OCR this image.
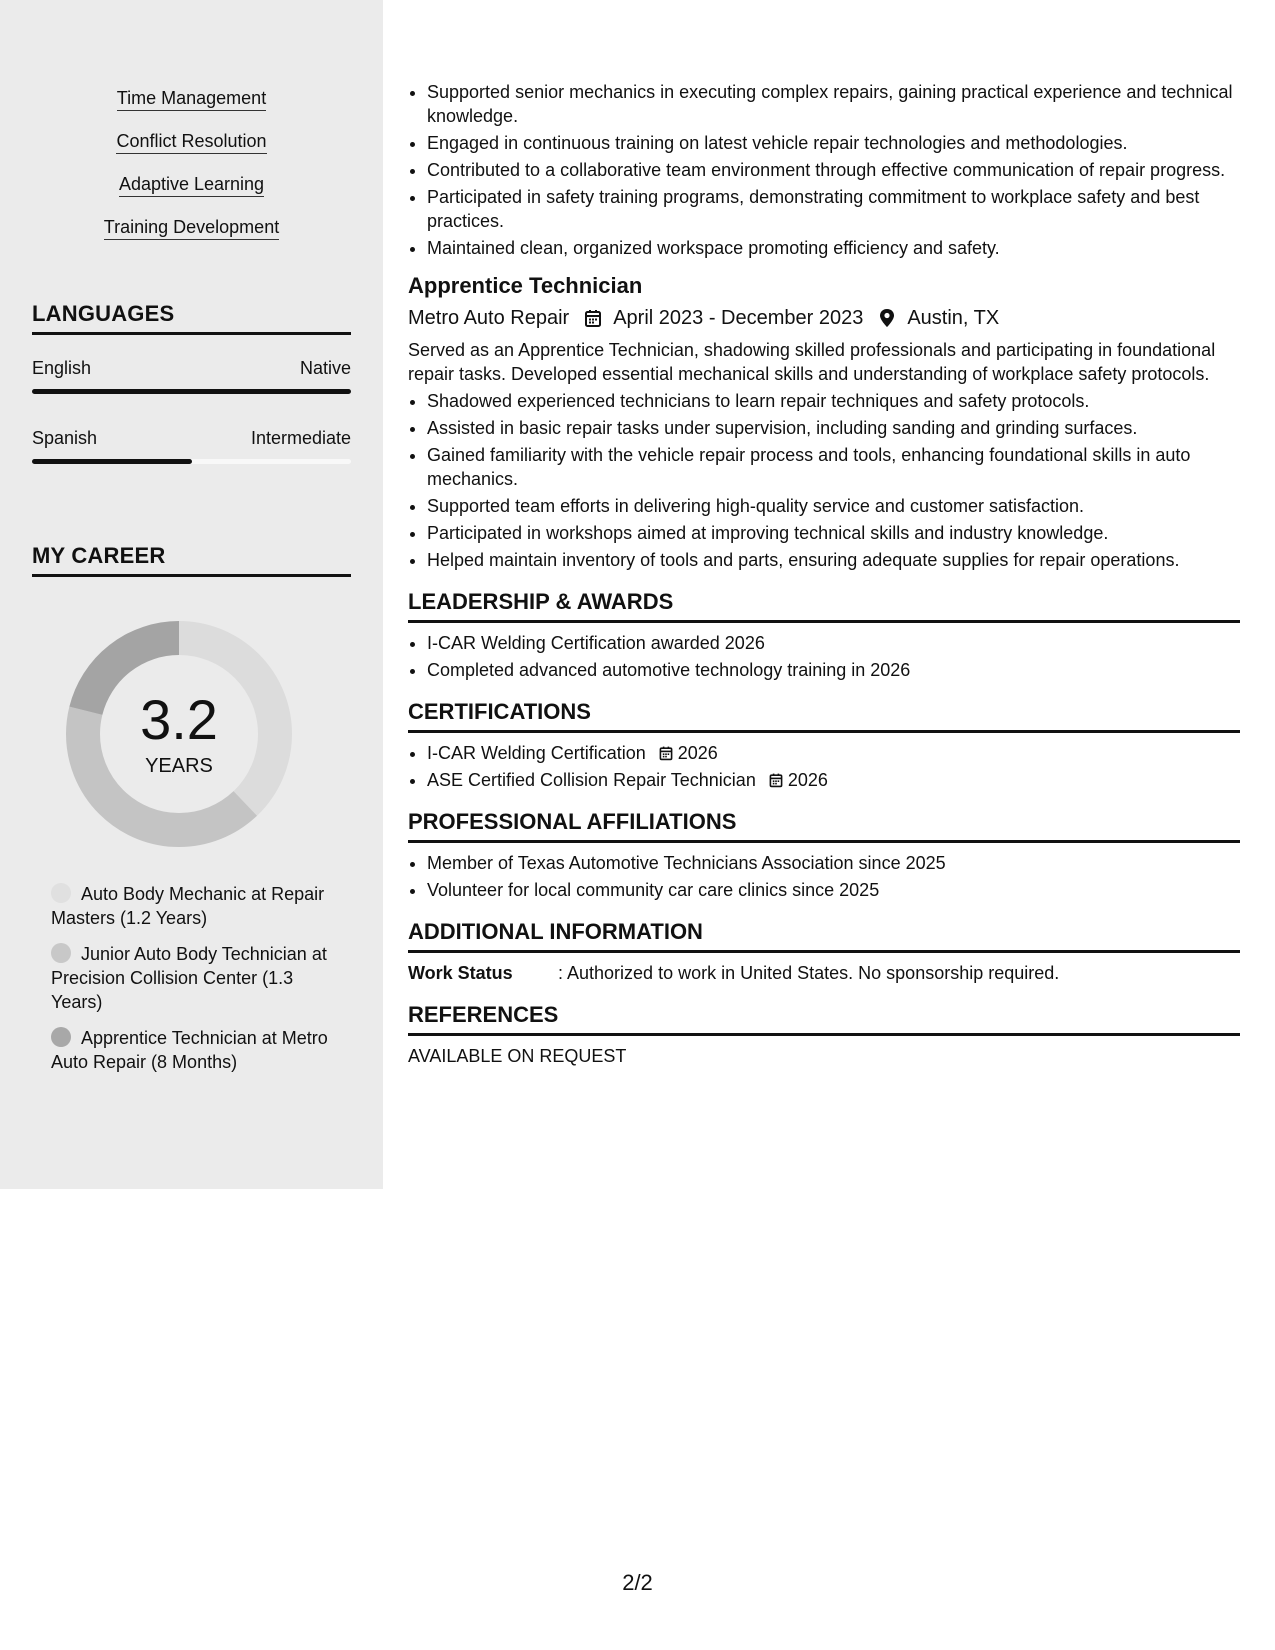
Time Management
Conflict Resolution
Adaptive Learning
Training Development
LANGUAGES
English	Native
Spanish	Intermediate
MY CAREER
3.2
YEARS
Auto Body Mechanic at Repair Masters (1.2 Years)
Junior Auto Body Technician at Precision Collision Center (1.3 Years)
Apprentice Technician at Metro Auto Repair (8 Months)
• Supported senior mechanics in executing complex repairs, gaining practical experience and technical knowledge.
• Engaged in continuous training on latest vehicle repair technologies and methodologies.
• Contributed to a collaborative team environment through effective communication of repair progress.
• Participated in safety training programs, demonstrating commitment to workplace safety and best practices.
• Maintained clean, organized workspace promoting efficiency and safety.
Apprentice Technician
Metro Auto Repair April 2023 - December 2023 Austin, TX
Served as an Apprentice Technician, shadowing skilled professionals and participating in foundational repair tasks. Developed essential mechanical skills and understanding of workplace safety protocols.
• Shadowed experienced technicians to learn repair techniques and safety protocols.
• Assisted in basic repair tasks under supervision, including sanding and grinding surfaces.
• Gained familiarity with the vehicle repair process and tools, enhancing foundational skills in auto mechanics.
• Supported team efforts in delivering high-quality service and customer satisfaction.
• Participated in workshops aimed at improving technical skills and industry knowledge.
• Helped maintain inventory of tools and parts, ensuring adequate supplies for repair operations.
LEADERSHIP & AWARDS
• I-CAR Welding Certification awarded 2026
• Completed advanced automotive technology training in 2026
CERTIFICATIONS
• I-CAR Welding Certification 2026
• ASE Certified Collision Repair Technician 2026
PROFESSIONAL AFFILIATIONS
• Member of Texas Automotive Technicians Association since 2025
• Volunteer for local community car care clinics since 2025
ADDITIONAL INFORMATION
Work Status	: Authorized to work in United States. No sponsorship required.
REFERENCES
AVAILABLE ON REQUEST
2/2
